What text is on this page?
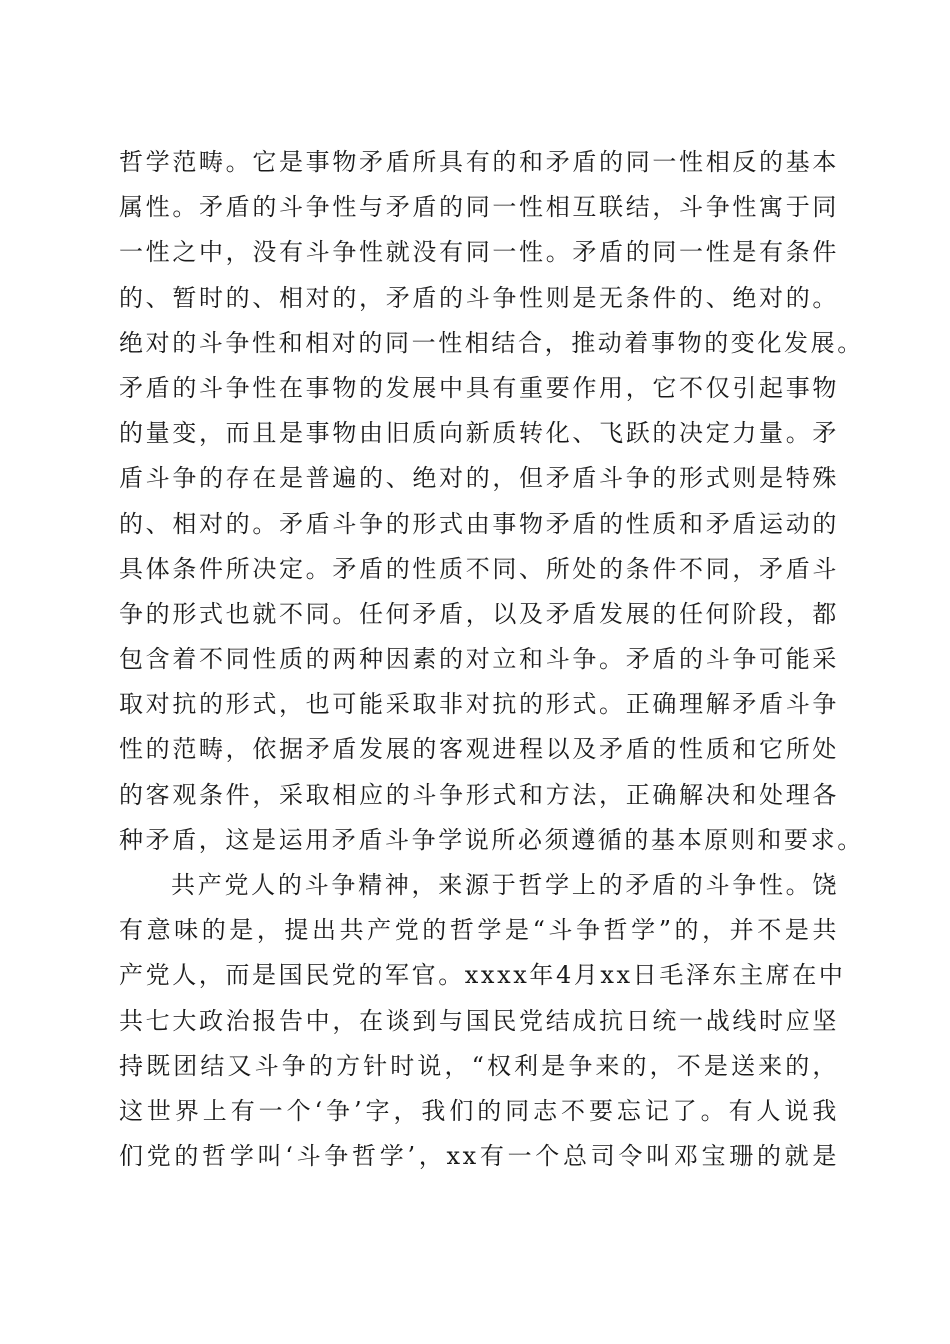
哲学范畴。它是事物矛盾所具有的和矛盾的同一性相反的基本
属性。矛盾的斗争性与矛盾的同一性相互联结，斗争性寓于同
一性之中，没有斗争性就没有同一性。矛盾的同一性是有条件
的、暂时的、相对的，矛盾的斗争性则是无条件的、绝对的。
绝对的斗争性和相对的同一性相结合，推动着事物的变化发展。
矛盾的斗争性在事物的发展中具有重要作用，它不仅引起事物
的量变，而且是事物由旧质向新质转化、飞跃的决定力量。矛
盾斗争的存在是普遍的、绝对的，但矛盾斗争的形式则是特殊
的、相对的。矛盾斗争的形式由事物矛盾的性质和矛盾运动的
具体条件所决定。矛盾的性质不同、所处的条件不同，矛盾斗
争的形式也就不同。任何矛盾，以及矛盾发展的任何阶段，都
包含着不同性质的两种因素的对立和斗争。矛盾的斗争可能采
取对抗的形式，也可能采取非对抗的形式。正确理解矛盾斗争
性的范畴，依据矛盾发展的客观进程以及矛盾的性质和它所处
的客观条件，采取相应的斗争形式和方法，正确解决和处理各
种矛盾，这是运用矛盾斗争学说所必须遵循的基本原则和要求。
共产党人的斗争精神，来源于哲学上的矛盾的斗争性。饶
有意味的是，提出共产党的哲学是“斗争哲学”的，并不是共
产党人，而是国民党的军官。xxxx年4月xx日毛泽东主席在中
共七大政治报告中，在谈到与国民党结成抗日统一战线时应坚
持既团结又斗争的方针时说，“权利是争来的，不是送来的，
这世界上有一个‘争’字，我们的同志不要忘记了。有人说我
们党的哲学叫‘斗争哲学’，xx有一个总司令叫邓宝珊的就是
